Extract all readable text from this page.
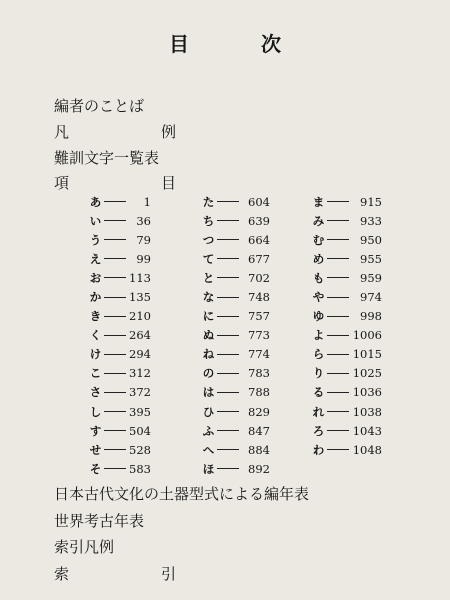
目　次
編者のことば
凡	例
難訓文字一覧表
項	目
あ	1
い	36
う	79
え	99
お 113
か 135
き 210
く 264
け 294
こ 312
さ 372
し 395
す 504
せ 528
そ 583
た	604
ち	639
つ	664
て	677
と	702
な	748
に	757
ぬ	773
ね	774
の	783
は	788
ひ	829
ふ	847
へ	884
ほ	892
ま	915
み	933
む	950
め	955
も	959
や	974
ゆ	998
よ 1006
ら 1015
り 1025
る 1036
れ 1038
ろ 1043
わ 1048
日本古代文化の土器型式による編年表
世界考古年表
索引凡例
索	引
